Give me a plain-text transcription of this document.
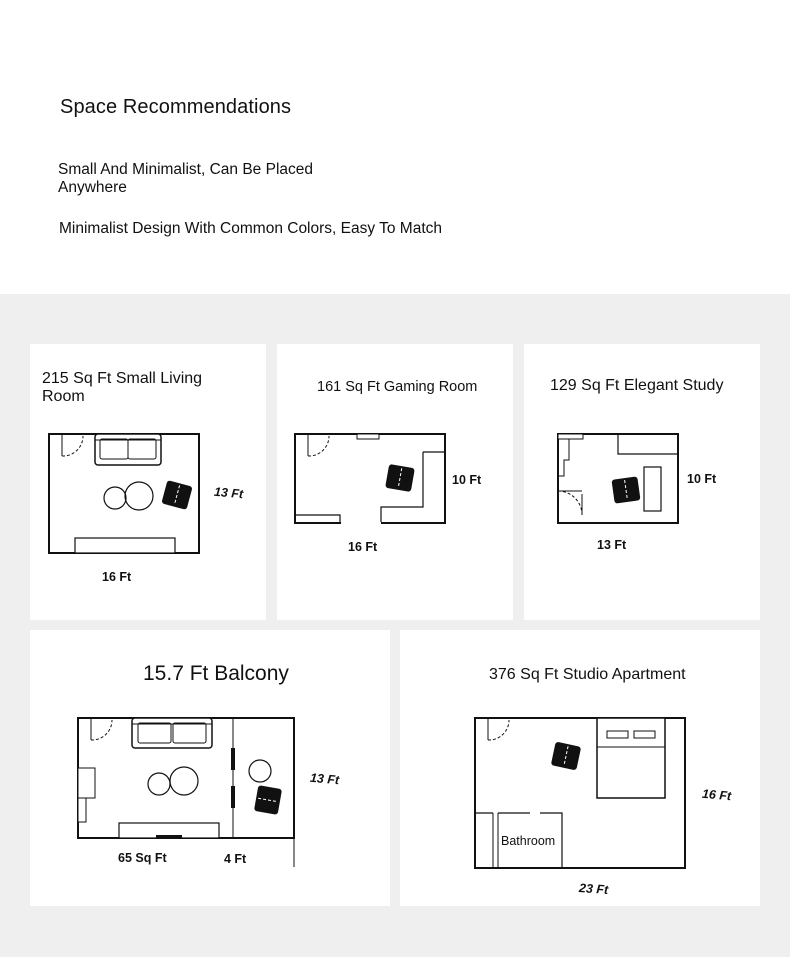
Space Recommendations
Small And Minimalist, Can Be Placed Anywhere
Minimalist Design With Common Colors, Easy To Match
215 Sq Ft Small Living Room
13 Ft
16 Ft
161 Sq Ft Gaming Room
10 Ft
16 Ft
129 Sq Ft Elegant Study
10 Ft
13 Ft
15.7 Ft Balcony
13 Ft
65 Sq Ft	4 Ft
376 Sq Ft Studio Apartment
Bathroom
16 Ft
23 Ft
